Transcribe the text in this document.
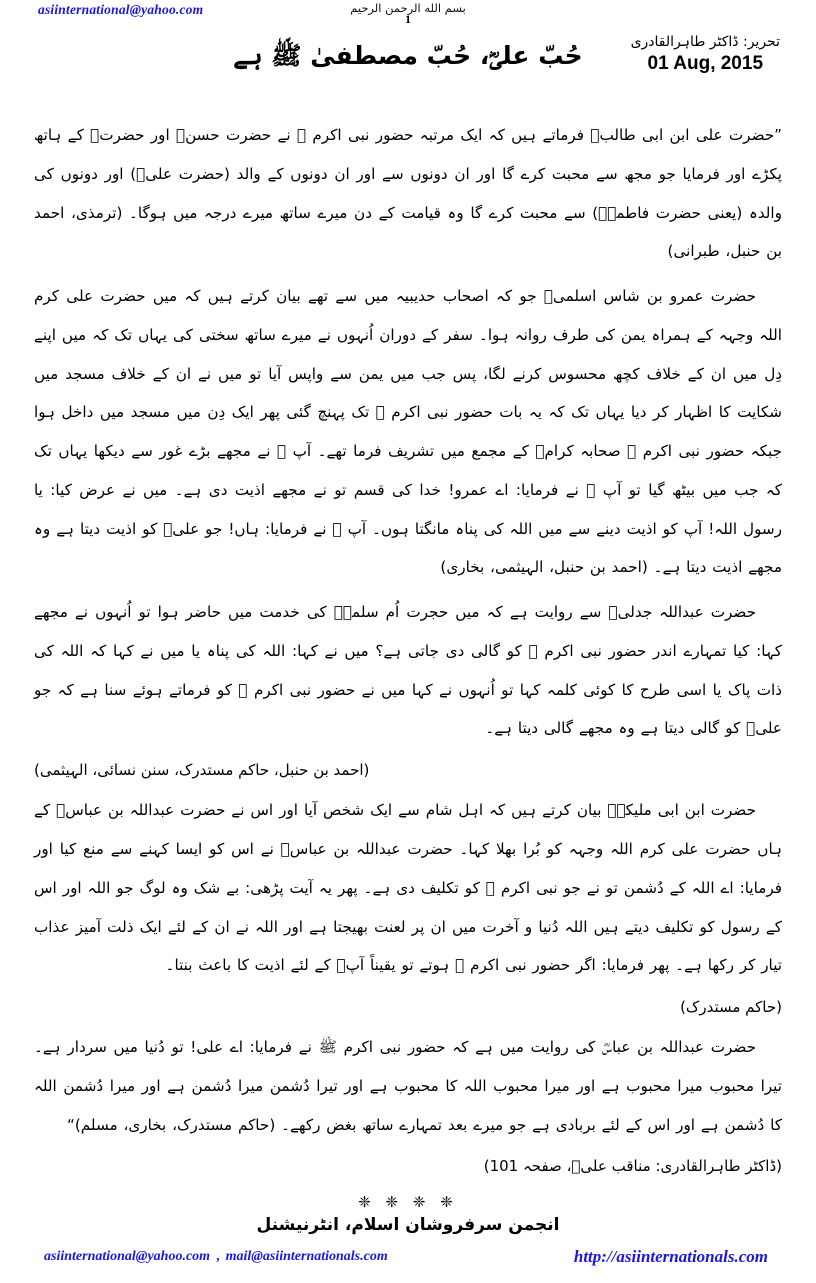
asiinternational@yahoo.com	بسم الله الرحمن الرحيم
1
تحریر: ڈاکٹر طاہرالقادری
01 Aug, 2015
حُبّ علیؓ، حُبّ مصطفیٰ ﷺ ہے

”حضرت علی ابن ابی طالبؓ فرماتے ہیں کہ ایک مرتبہ حضور نبی اکرم ﷺ نے حضرت حسنؓ اور حضرتؓ کے ہاتھ پکڑے اور فرمایا جو مجھ سے محبت کرے گا اور ان دونوں سے اور ان دونوں کے والد (حضرت علیؓ) اور دونوں کی والدہ (یعنی حضرت فاطمہؓ) سے محبت کرے گا وہ قیامت کے دن میرے ساتھ میرے درجہ میں ہوگا۔ (ترمذی، احمد بن حنبل، طبرانی)

حضرت عمرو بن شاس اسلمیؓ جو کہ اصحاب حدیبیہ میں سے تھے بیان کرتے ہیں کہ میں حضرت علی کرم اللہ وجہہ کے ہمراہ یمن کی طرف روانہ ہوا۔ سفر کے دوران اُنہوں نے میرے ساتھ سختی کی یہاں تک کہ میں اپنے دِل میں ان کے خلاف کچھ محسوس کرنے لگا، پس جب میں یمن سے واپس آیا تو میں نے ان کے خلاف مسجد میں شکایت کا اظہار کر دیا یہاں تک کہ یہ بات حضور نبی اکرم ﷺ تک پہنچ گئی پھر ایک دِن میں مسجد میں داخل ہوا جبکہ حضور نبی اکرم ﷺ صحابہ کرامؓ کے مجمع میں تشریف فرما تھے۔ آپ ﷺ نے مجھے بڑے غور سے دیکھا یہاں تک کہ جب میں بیٹھ گیا تو آپ ﷺ نے فرمایا: اے عمرو! خدا کی قسم تو نے مجھے اذیت دی ہے۔ میں نے عرض کیا: یا رسول اللہ! آپ کو اذیت دینے سے میں اللہ کی پناہ مانگتا ہوں۔ آپ ﷺ نے فرمایا: ہاں! جو علیؓ کو اذیت دیتا ہے وہ مجھے اذیت دیتا ہے۔ (احمد بن حنبل، الہیثمی، بخاری)

حضرت عبداللہ جدلیؓ سے روایت ہے کہ میں حجرت اُم سلمہؓ کی خدمت میں حاضر ہوا تو اُنہوں نے مجھے کہا: کیا تمہارے اندر حضور نبی اکرم ﷺ کو گالی دی جاتی ہے؟ میں نے کہا: اللہ کی پناہ یا میں نے کہا کہ اللہ کی ذات پاک یا اسی طرح کا کوئی کلمہ کہا تو اُنہوں نے کہا میں نے حضور نبی اکرم ﷺ کو فرماتے ہوئے سنا ہے کہ جو علیؓ کو گالی دیتا ہے وہ مجھے گالی دیتا ہے۔

(احمد بن حنبل، حاکم مستدرک، سنن نسائی، الہیثمی)

حضرت ابن ابی ملیکہؒ بیان کرتے ہیں کہ اہل شام سے ایک شخص آیا اور اس نے حضرت عبداللہ بن عباسؓ کے ہاں حضرت علی کرم اللہ وجہہ کو بُرا بھلا کہا۔ حضرت عبداللہ بن عباسؓ نے اس کو ایسا کہنے سے منع کیا اور فرمایا: اے اللہ کے دُشمن تو نے جو نبی اکرم ﷺ کو تکلیف دی ہے۔ پھر یہ آیت پڑھی: بے شک وہ لوگ جو اللہ اور اس کے رسول کو تکلیف دیتے ہیں اللہ دُنیا و آخرت میں ان پر لعنت بھیجتا ہے اور اللہ نے ان کے لئے ایک ذلت آمیز عذاب تیار کر رکھا ہے۔ پھر فرمایا: اگر حضور نبی اکرم ﷺ ہوتے تو یقیناً آپؐ کے لئے اذیت کا باعث بنتا۔

(حاکم مستدرک)

حضرت عبداللہ بن عباسؓ کی روایت میں ہے کہ حضور نبی اکرم ﷺ نے فرمایا: اے علی! تو دُنیا میں سردار ہے۔ تیرا محبوب میرا محبوب ہے اور میرا محبوب اللہ کا محبوب ہے اور تیرا دُشمن میرا دُشمن ہے اور میرا دُشمن اللہ کا دُشمن ہے اور اس کے لئے بربادی ہے جو میرے بعد تمہارے ساتھ بغض رکھے۔ (حاکم مستدرک، بخاری، مسلم)“

(ڈاکٹر طاہرالقادری: مناقب علیؓ، صفحہ 101)
❈ ❈ ❈ ❈
انجمن سرفروشان اسلام، انٹرنیشنل
asiinternational@yahoo.com , mail@asiinternationals.com	http://asiinternationals.com
